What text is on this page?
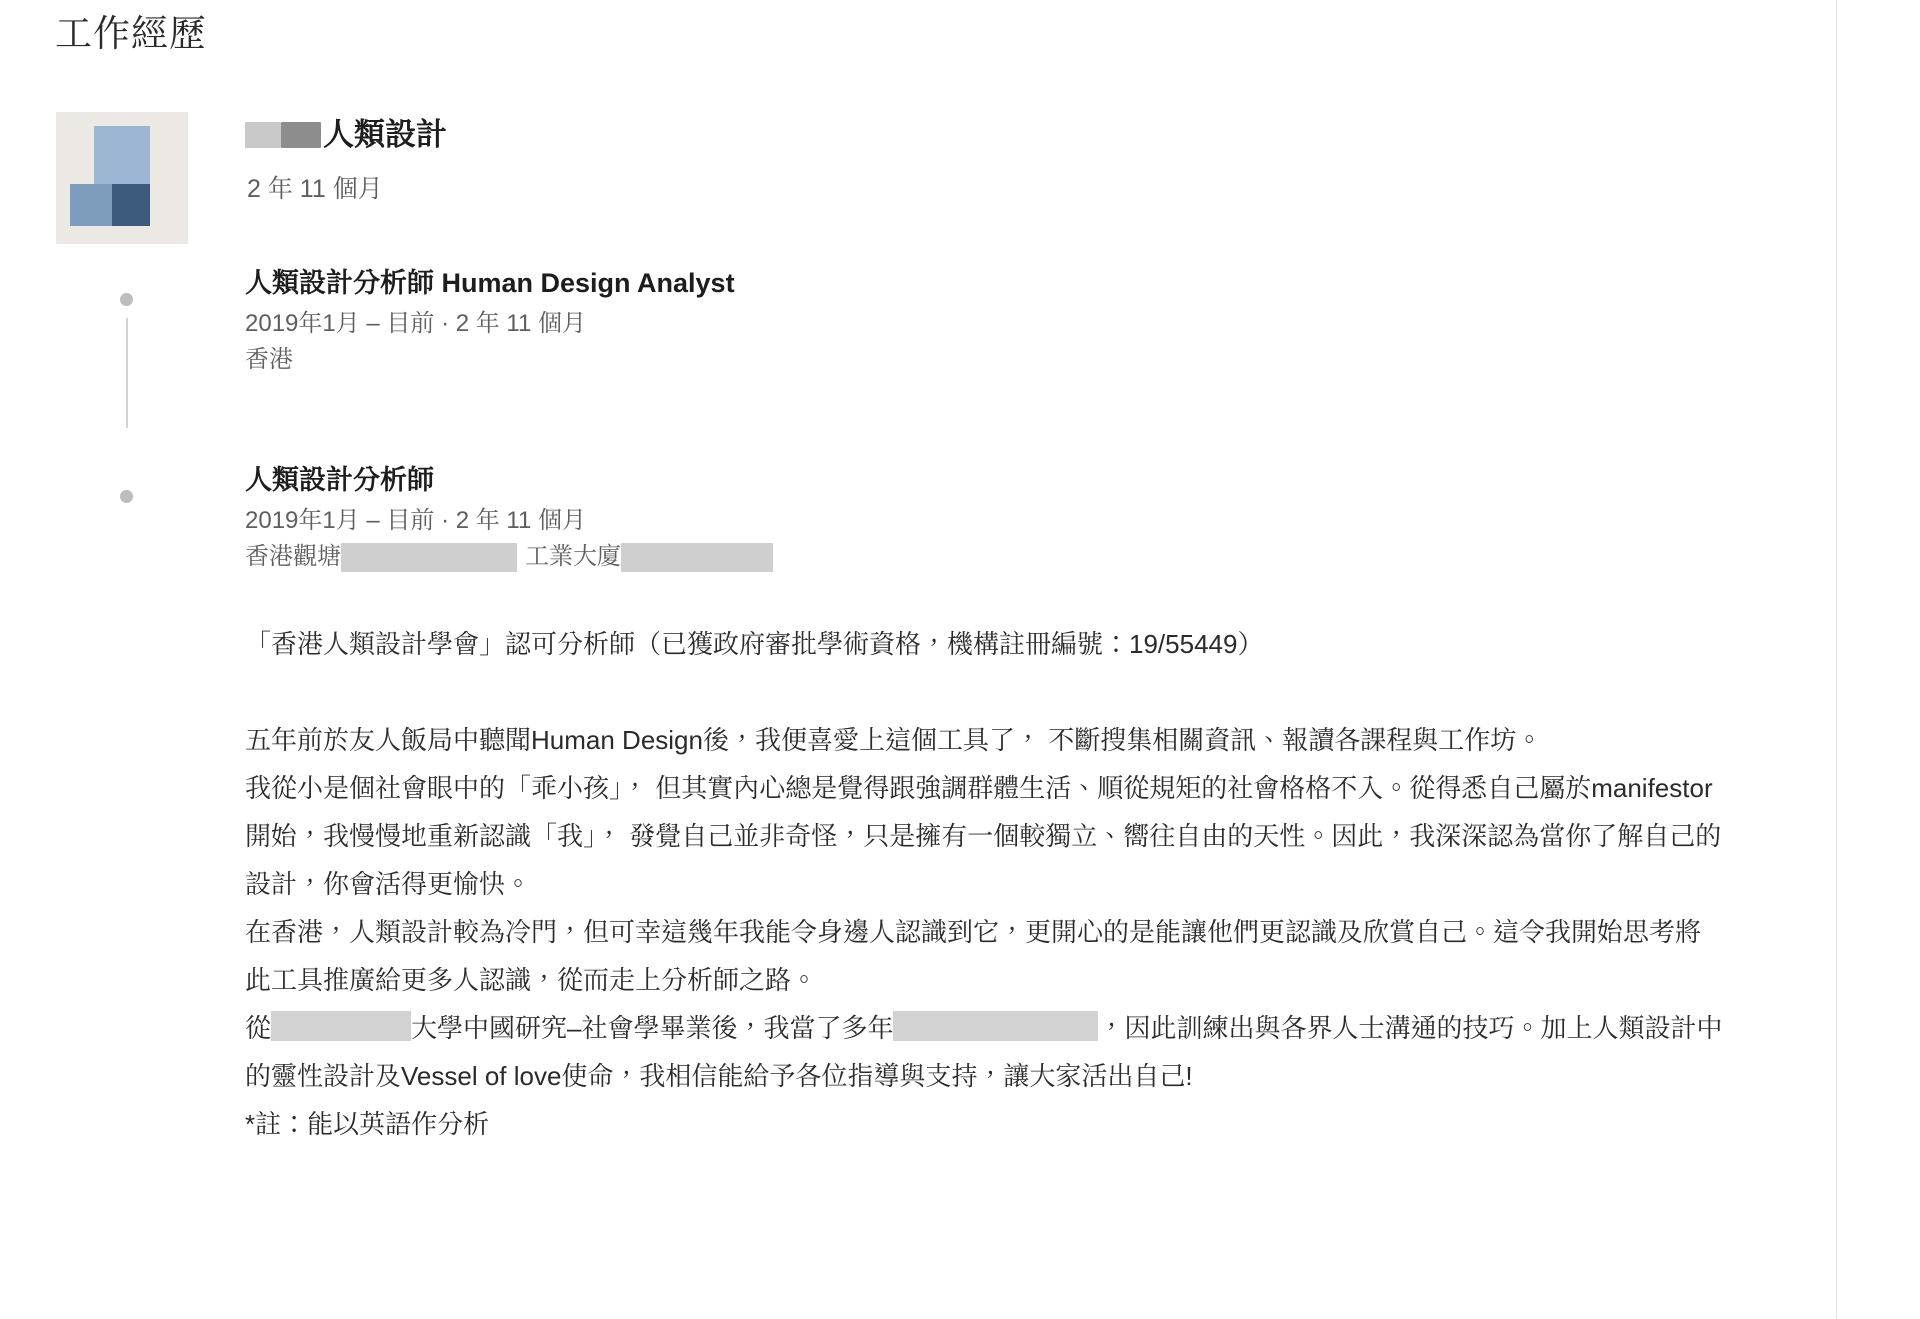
工作經歷
人類設計
2 年 11 個月
人類設計分析師 Human Design Analyst
2019年1月 – 目前 · 2 年 11 個月
香港
人類設計分析師
2019年1月 – 目前 · 2 年 11 個月
香港觀塘	工業大廈

「香港人類設計學會」認可分析師（已獲政府審批學術資格，機構註冊編號：19/55449）

五年前於友人飯局中聽聞Human Design後，我便喜愛上這個工具了， 不斷搜集相關資訊、報讀各課程與工作坊。

我從小是個社會眼中的「乖小孩」， 但其實內心總是覺得跟強調群體生活、順從規矩的社會格格不入。從得悉自己屬於manifestor開始，我慢慢地重新認識「我」， 發覺自己並非奇怪，只是擁有一個較獨立、嚮往自由的天性。因此，我深深認為當你了解自己的設計，你會活得更愉快。

在香港，人類設計較為冷門，但可幸這幾年我能令身邊人認識到它，更開心的是能讓他們更認識及欣賞自己。這令我開始思考將此工具推廣給更多人認識，從而走上分析師之路。

從	大學中國研究–社會學畢業後，我當了多年	，因此訓練出與各界人士溝通的技巧。加上人類設計中的靈性設計及Vessel of love使命，我相信能給予各位指導與支持，讓大家活出自己!

*註：能以英語作分析
